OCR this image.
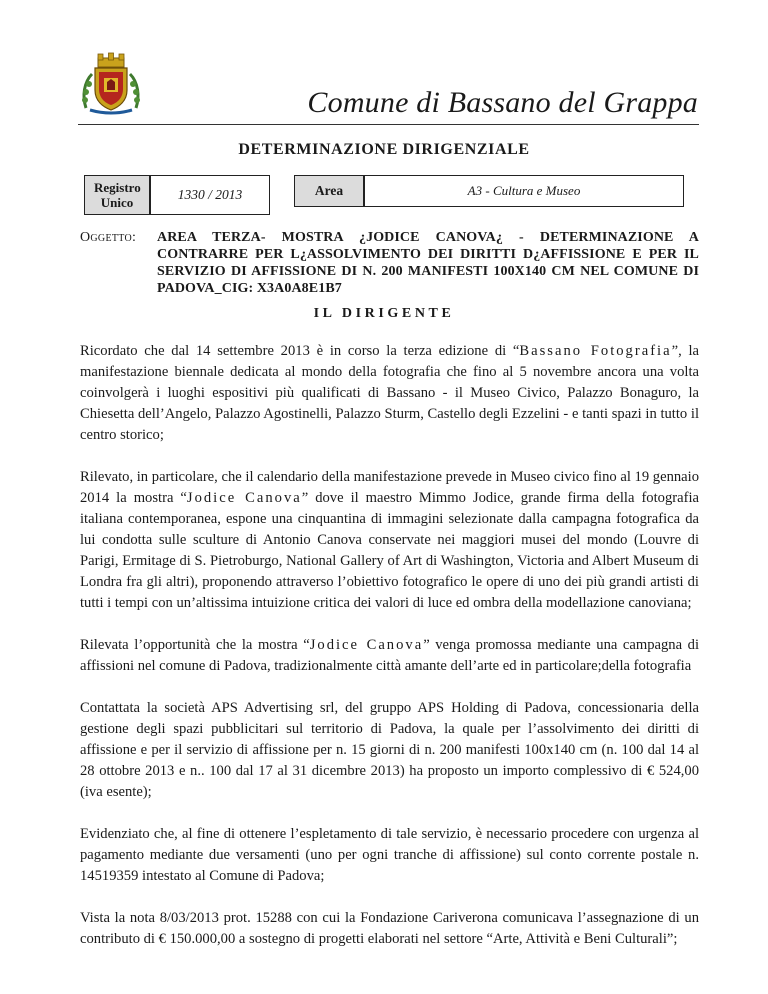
Comune di Bassano del Grappa
DETERMINAZIONE DIRIGENZIALE
Registro Unico
1330 / 2013	Area	A3 - Cultura e Museo
Oggetto: AREA TERZA- MOSTRA ¿JODICE CANOVA¿ - DETERMINAZIONE A CONTRARRE PER L¿ASSOLVIMENTO DEI DIRITTI D¿AFFISSIONE E PER IL SERVIZIO DI AFFISSIONE DI N. 200 MANIFESTI 100X140 CM NEL COMUNE DI PADOVA_CIG: X3A0A8E1B7
IL DIRIGENTE

Ricordato che dal 14 settembre 2013 è in corso la terza edizione di “Bassano Fotografia”, la manifestazione biennale dedicata al mondo della fotografia che fino al 5 novembre ancora una volta coinvolgerà i luoghi espositivi più qualificati di Bassano - il Museo Civico, Palazzo Bonaguro, la Chiesetta dell’Angelo, Palazzo Agostinelli, Palazzo Sturm, Castello degli Ezzelini - e tanti spazi in tutto il centro storico;

Rilevato, in particolare, che il calendario della manifestazione prevede in Museo civico fino al 19 gennaio 2014 la mostra “Jodice Canova” dove il maestro Mimmo Jodice, grande firma della fotografia italiana contemporanea, espone una cinquantina di immagini selezionate dalla campagna fotografica da lui condotta sulle sculture di Antonio Canova conservate nei maggiori musei del mondo (Louvre di Parigi, Ermitage di S. Pietroburgo, National Gallery of Art di Washington, Victoria and Albert Museum di Londra fra gli altri), proponendo attraverso l’obiettivo fotografico le opere di uno dei più grandi artisti di tutti i tempi con un’altissima intuizione critica dei valori di luce ed ombra della modellazione canoviana;

Rilevata l’opportunità che la mostra “Jodice Canova” venga promossa mediante una campagna di affissioni nel comune di Padova, tradizionalmente città amante dell’arte ed in particolare;della fotografia

Contattata la società APS Advertising srl, del gruppo APS Holding di Padova, concessionaria della gestione degli spazi pubblicitari sul territorio di Padova, la quale per l’assolvimento dei diritti di affissione e per il servizio di affissione per n. 15 giorni di n. 200 manifesti 100x140 cm (n. 100 dal 14 al 28 ottobre 2013 e n.. 100 dal 17 al 31 dicembre 2013) ha proposto un importo complessivo di € 524,00 (iva esente);

Evidenziato che, al fine di ottenere l’espletamento di tale servizio, è necessario procedere con urgenza al pagamento mediante due versamenti (uno per ogni tranche di affissione) sul conto corrente postale n. 14519359 intestato al Comune di Padova;

Vista la nota 8/03/2013 prot. 15288 con cui la Fondazione Cariverona comunicava l’assegnazione di un contributo di € 150.000,00 a sostegno di progetti elaborati nel settore “Arte, Attività e Beni Culturali”;
